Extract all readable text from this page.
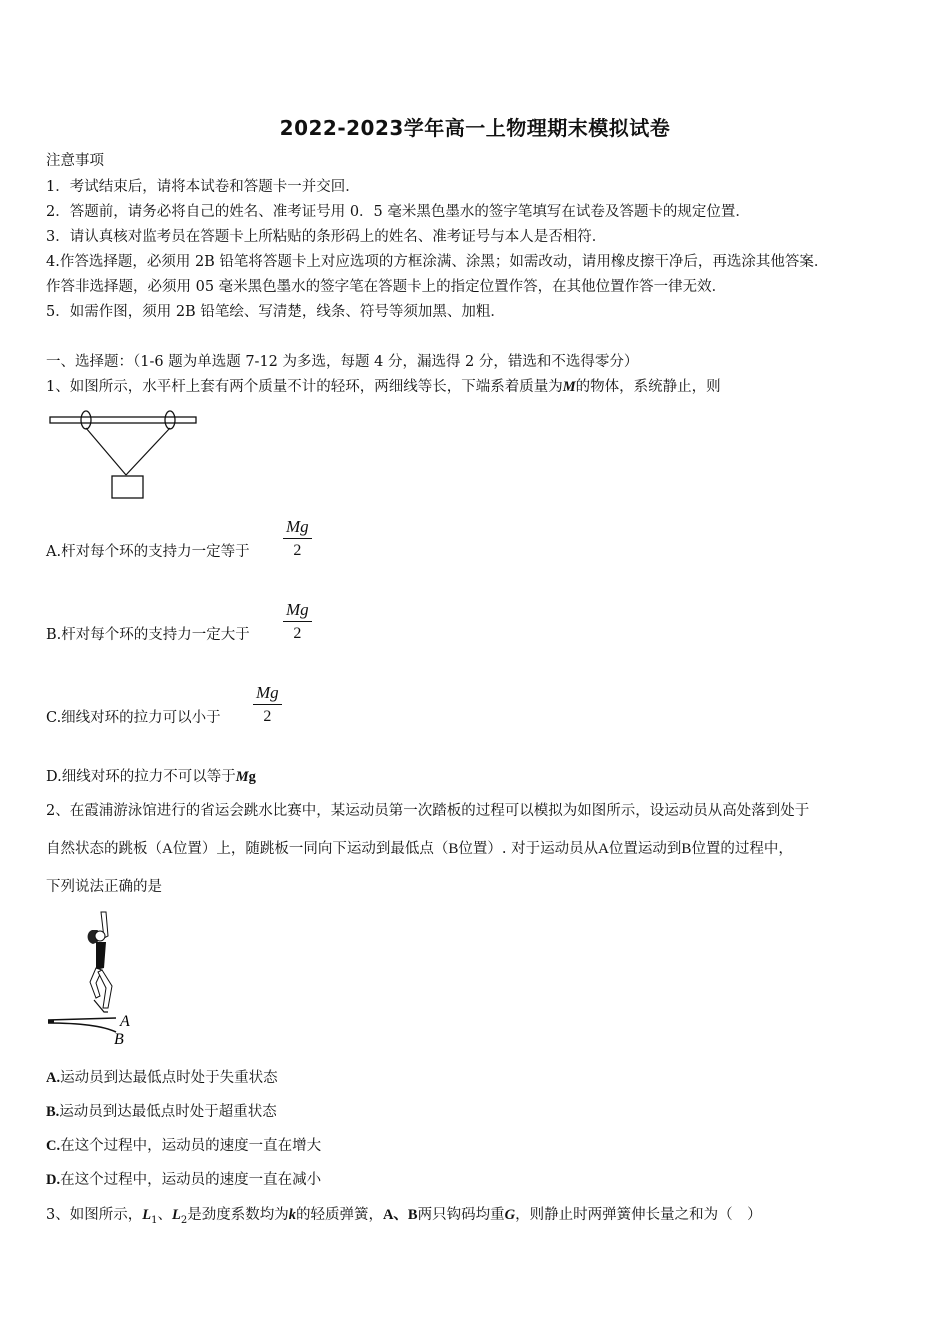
2022-2023学年高一上物理期末模拟试卷
注意事项
1．考试结束后，请将本试卷和答题卡一并交回．
2．答题前，请务必将自己的姓名、准考证号用 0．5 毫米黑色墨水的签字笔填写在试卷及答题卡的规定位置．
3．请认真核对监考员在答题卡上所粘贴的条形码上的姓名、准考证号与本人是否相符．
4.作答选择题，必须用 2B 铅笔将答题卡上对应选项的方框涂满、涂黑；如需改动，请用橡皮擦干净后，再选涂其他答案．
作答非选择题，必须用 05 毫米黑色墨水的签字笔在答题卡上的指定位置作答，在其他位置作答一律无效．
5．如需作图，须用 2B 铅笔绘、写清楚，线条、符号等须加黑、加粗．
一、选择题：（1-6 题为单选题 7-12 为多选，每题 4 分，漏选得 2 分，错选和不选得零分）
1、如图所示，水平杆上套有两个质量不计的轻环，两细线等长，下端系着质量为M的物体，系统静止，则
A.杆对每个环的支持力一定等于 $\frac{Mg}{2}$
B.杆对每个环的支持力一定大于 $\frac{Mg}{2}$
C.细线对环的拉力可以小于 $\frac{Mg}{2}$
D.细线对环的拉力不可以等于Mg
2、在霞浦游泳馆进行的省运会跳水比赛中，某运动员第一次踏板的过程可以模拟为如图所示，设运动员从高处落到处于
自然状态的跳板（A位置）上，随跳板一同向下运动到最低点（B位置）. 对于运动员从A位置运动到B位置的过程中，
下列说法正确的是
A
B
A.运动员到达最低点时处于失重状态
B.运动员到达最低点时处于超重状态
C.在这个过程中，运动员的速度一直在增大
D.在这个过程中，运动员的速度一直在减小
3、如图所示，$L_1$、$L_2$是劲度系数均为k的轻质弹簧，A、B两只钩码均重G，则静止时两弹簧伸长量之和为（　）
